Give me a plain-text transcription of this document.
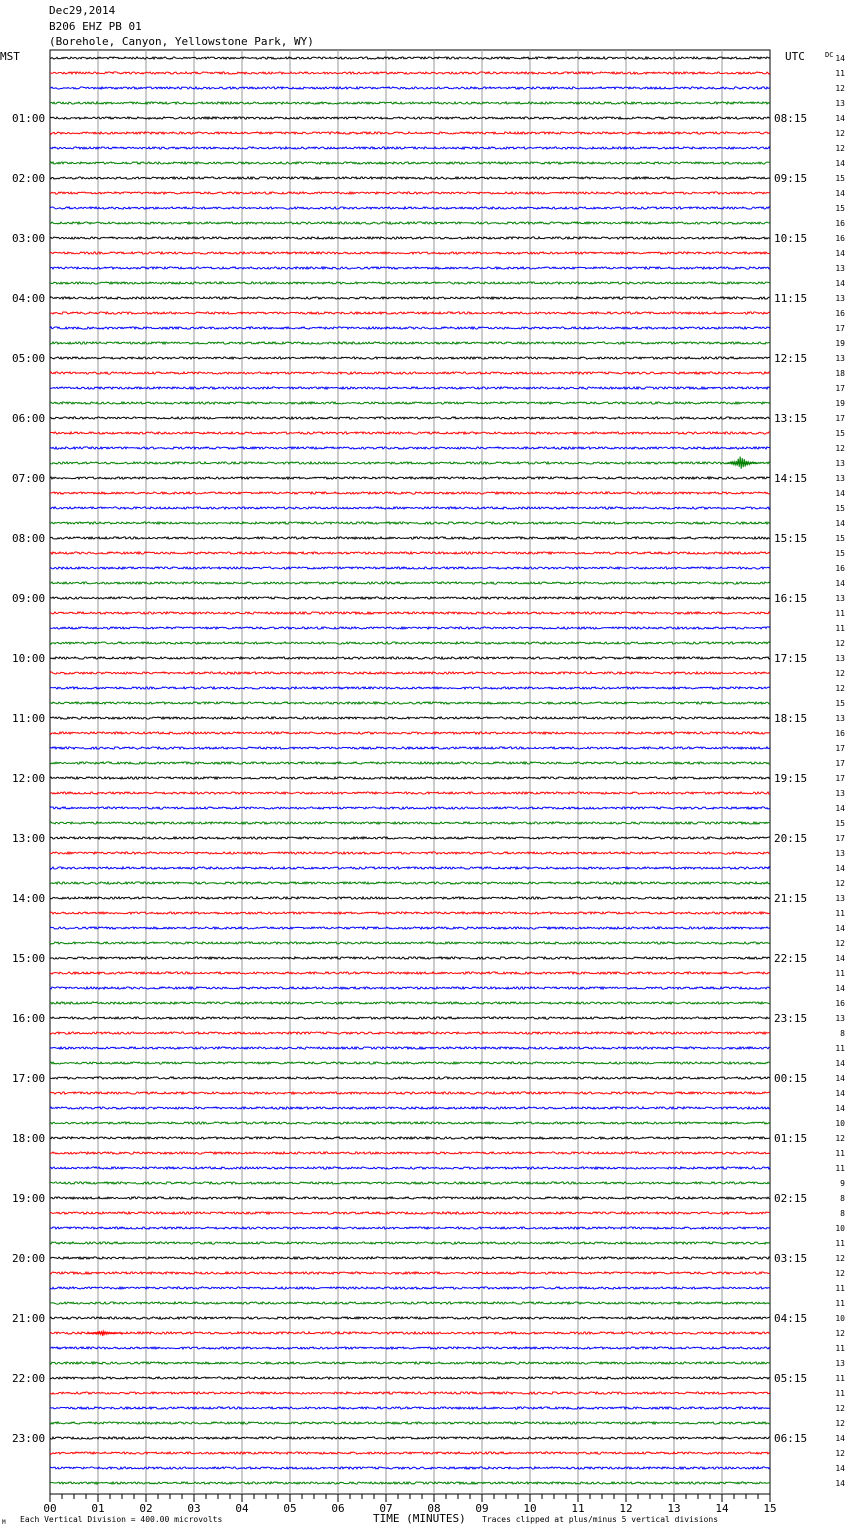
Dec29,2014
B206 EHZ PB 01
(Borehole, Canyon, Yellowstone Park, WY)
01:00
02:00
03:00
04:00
05:00
06:00
07:00
08:00
09:00
10:00
11:00
12:00
13:00
14:00
15:00
16:00
17:00
18:00
19:00
20:00
21:00
22:00
23:00
08:15
09:15
10:15
11:15
12:15
13:15
14:15
15:15
16:15
17:15
18:15
19:15
20:15
21:15
22:15
23:15
00:15
01:15
02:15
03:15
04:15
05:15
06:15
14
11
12
13
14
12
12
14
15
14
15
16
16
14
13
14
13
16
17
19
13
18
17
19
17
15
12
13
13
14
15
14
15
15
16
14
13
11
11
12
13
12
12
15
13
16
17
17
17
13
14
15
17
13
14
12
13
11
14
12
14
11
14
16
13
8
11
14
14
14
14
10
12
11
11
9
8
8
10
11
12
12
11
11
10
12
11
13
11
11
12
12
14
12
14
14
00	01	02	03	04	05	06	07	08	09	10	11	12	13	14	15
MST	UTC	DC
TIME (MINUTES)
M Each Vertical Division = 400.00 microvolts	Traces clipped at plus/minus 5 vertical divisions
